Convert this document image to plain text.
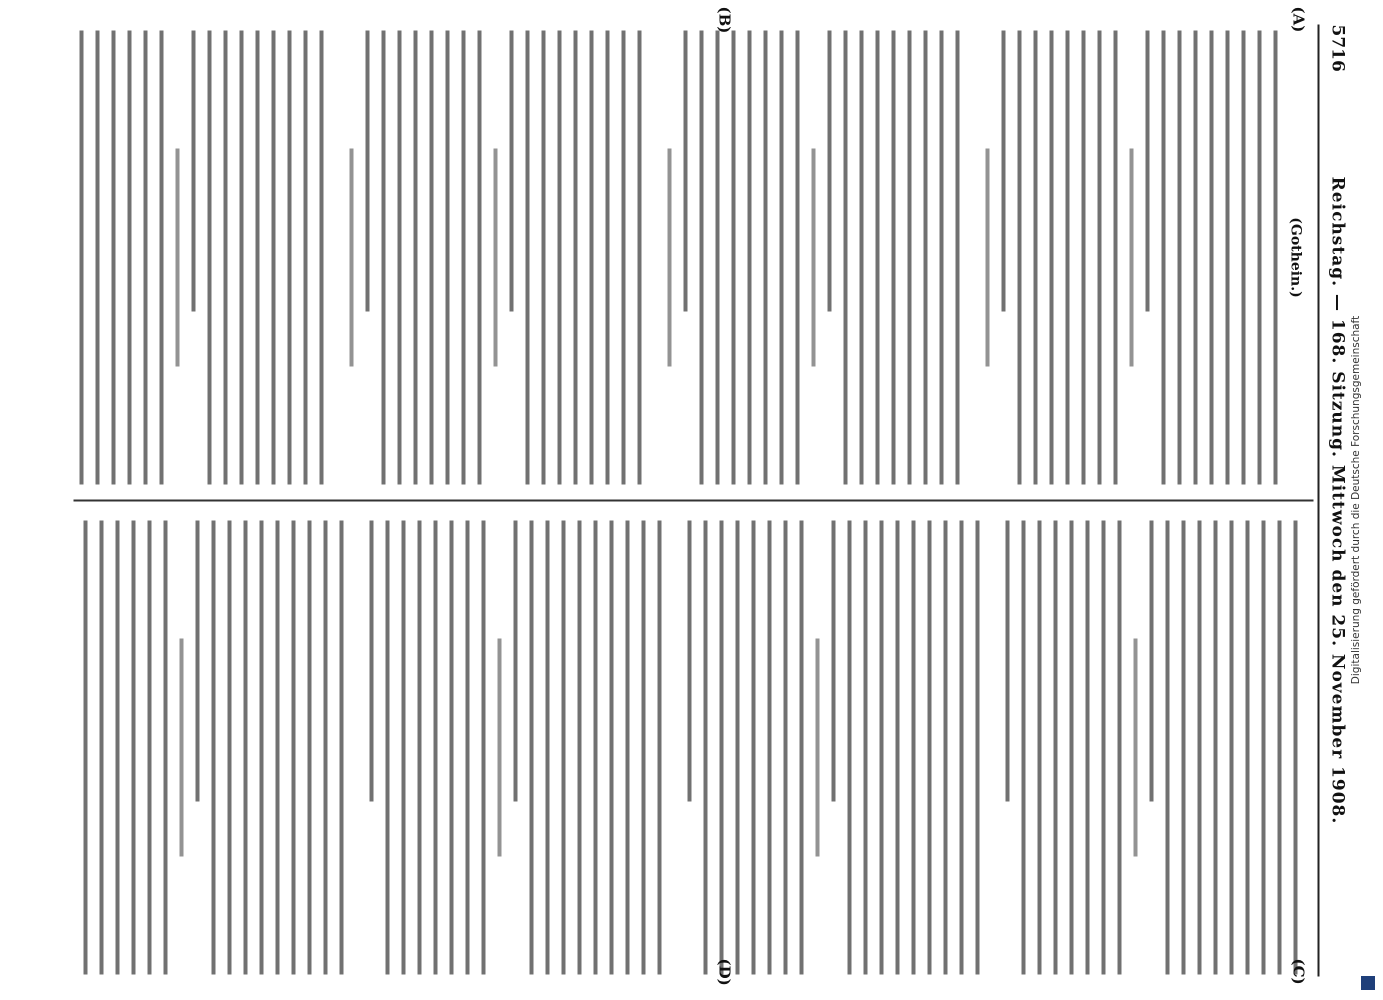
5716
Reichstag. — 168. Sitzung. Mittwoch den 25. November 1908.
(Gothein.)
(A)
(B)
(C)
(D)
Digitalisierung gefördert durch die Deutsche Forschungsgemeinschaft
